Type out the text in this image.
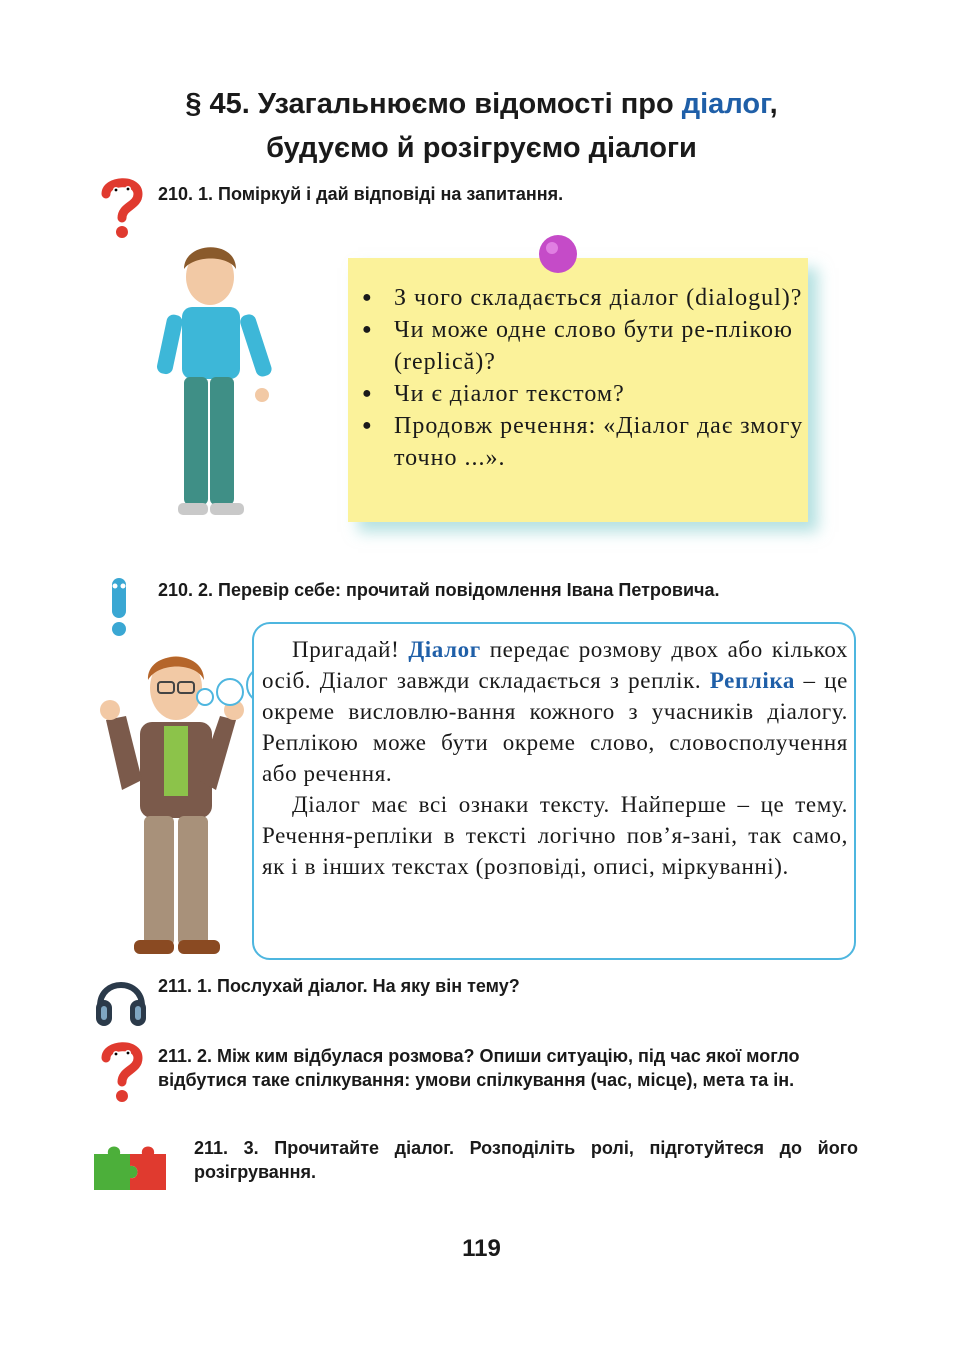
§ 45. Узагальнюємо відомості про діалог,
будуємо й розігруємо діалоги
210. 1. Поміркуй і дай відповіді на запитання.
● З чого складається діалог (dialogul)?
● Чи може одне слово бути ре-плікою (replică)?
● Чи є діалог текстом?
● Продовж речення: «Діалог дає змогу точно ...».
210. 2. Перевір себе: прочитай повідомлення Івана Петровича.

Пригадай! Діалог передає розмову двох або кількох осіб. Діалог завжди складається з реплік. Репліка – це окреме висловлю-вання кожного з учасників діалогу. Реплікою може бути окреме слово, словосполучення або речення.

Діалог має всі ознаки тексту. Найперше – це тему. Речення-репліки в тексті логічно пов’я-зані, так само, як і в інших текстах (розповіді, описі, міркуванні).

211. 1. Послухай діалог. На яку він тему?
211. 2. Між ким відбулася розмова? Опиши ситуацію, під час якої могло відбутися таке спілкування: умови спілкування (час, місце), мета та ін.
211. 3. Прочитайте діалог. Розподіліть ролі, підготуйтеся до його розігрування.
119
